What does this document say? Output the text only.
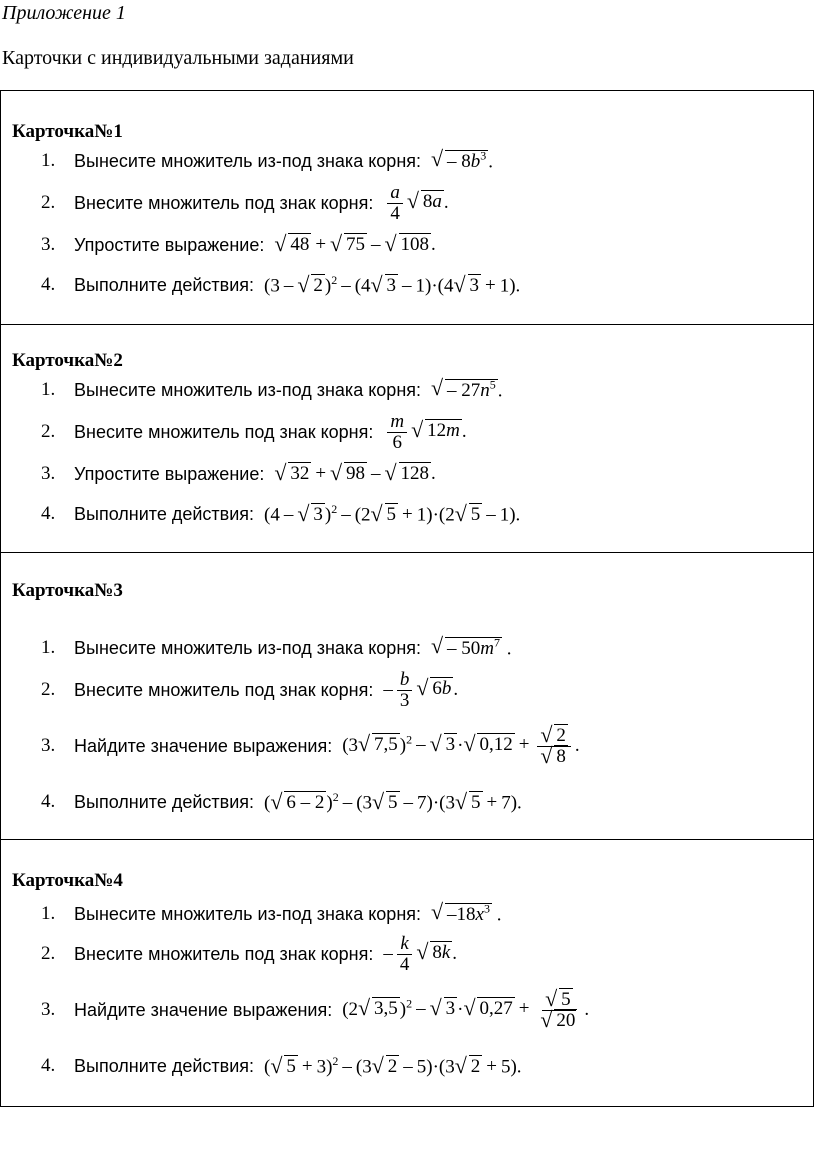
Приложение 1
Карточки с индивидуальными заданиями
Карточка№1
1.	Вынесите множитель из-под знака корня:	√ – $8b^3$ .
2.	Внесите множитель под знак корня: $\frac{a}{4}$ √ 8a .
3.	Упростите выражение:	√ 48 + √ 75 – √ 108 .
4.	Выполните действия: (3 – √ 2 )$^2$ – (4 √ 3 – 1)·(4 √ 3 + 1).
Карточка№2
1.	Вынесите множитель из-под знака корня:	√ – $27n^5$ .
2.	Внесите множитель под знак корня: $\frac{m}{6}$ √ 12m .
3.	Упростите выражение:	√ 32 + √ 98 – √ 128 .
4.	Выполните действия: (4 – √ 3 )$^2$ – (2 √ 5 + 1)·(2 √ 5 – 1).
Карточка№3
1.	Вынесите множитель из-под знака корня:	√ – $50m^7$ .
2.	Внесите множитель под знак корня: – $\frac{b}{3}$ √ 6b .
3.	Найдите значение выражения: (3 √ 7,5 )$^2$ – √ 3 · √ 0,12 + √ 2
√ 8 .
4.	Выполните действия: ( √ 6 – 2 )$^2$ – (3 √ 5 – 7)·(3 √ 5 + 7).
Карточка№4
1.	Вынесите множитель из-под знака корня:	√ $-18x^3$ .
2.	Внесите множитель под знак корня: – $\frac{k}{4}$ √ 8k .
3.	Найдите значение выражения: (2 √ 3,5 )$^2$ – √ 3 · √ 0,27 + √ 5
√ 20 .
4.	Выполните действия: ( √ 5 + 3)$^2$ – (3 √ 2 – 5)·(3 √ 2 + 5).
